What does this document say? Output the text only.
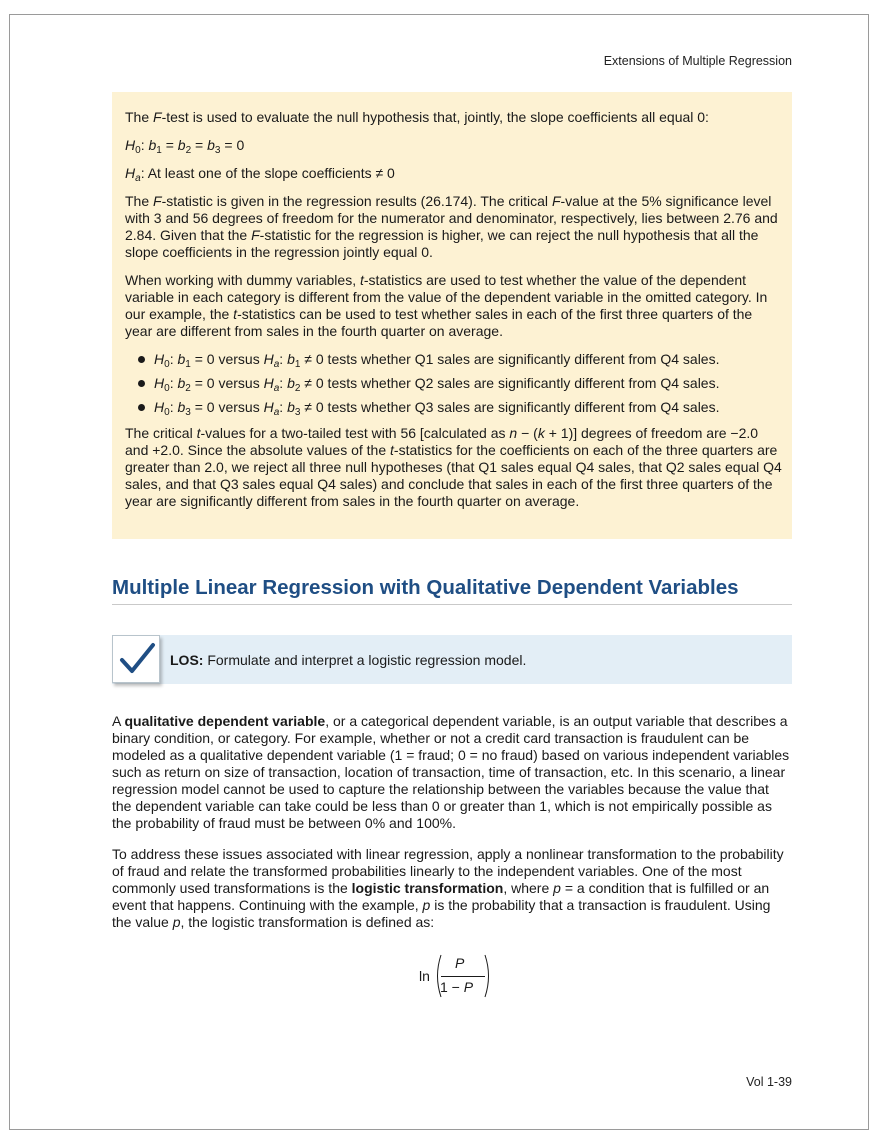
Extensions of Multiple Regression

The F-test is used to evaluate the null hypothesis that, jointly, the slope coefficients all equal 0:

$H_0$: $b_1 = b_2 = b_3 = 0$

$H_a$: At least one of the slope coefficients ≠ 0

The F-statistic is given in the regression results (26.174). The critical F-value at the 5% significance level with 3 and 56 degrees of freedom for the numerator and denominator, respectively, lies between 2.76 and 2.84. Given that the F-statistic for the regression is higher, we can reject the null hypothesis that all the slope coefficients in the regression jointly equal 0.

When working with dummy variables, t-statistics are used to test whether the value of the dependent variable in each category is different from the value of the dependent variable in the omitted category. In our example, the t-statistics can be used to test whether sales in each of the first three quarters of the year are different from sales in the fourth quarter on average.

$H_0$: $b_1 = 0$ versus $H_a$: $b_1 \ne 0$ tests whether Q1 sales are significantly different from Q4 sales.
$H_0$: $b_2 = 0$ versus $H_a$: $b_2 \ne 0$ tests whether Q2 sales are significantly different from Q4 sales.
$H_0$: $b_3 = 0$ versus $H_a$: $b_3 \ne 0$ tests whether Q3 sales are significantly different from Q4 sales.

The critical t-values for a two-tailed test with 56 [calculated as n − (k + 1)] degrees of freedom are −2.0 and +2.0. Since the absolute values of the t-statistics for the coefficients on each of the three quarters are greater than 2.0, we reject all three null hypotheses (that Q1 sales equal Q4 sales, that Q2 sales equal Q4 sales, and that Q3 sales equal Q4 sales) and conclude that sales in each of the first three quarters of the year are significantly different from sales in the fourth quarter on average.

Multiple Linear Regression with Qualitative Dependent Variables
LOS: Formulate and interpret a logistic regression model.

A qualitative dependent variable, or a categorical dependent variable, is an output variable that describes a binary condition, or category. For example, whether or not a credit card transaction is fraudulent can be modeled as a qualitative dependent variable (1 = fraud; 0 = no fraud) based on various independent variables such as return on size of transaction, location of transaction, time of transaction, etc. In this scenario, a linear regression model cannot be used to capture the relationship between the variables because the value that the dependent variable can take could be less than 0 or greater than 1, which is not empirically possible as the probability of fraud must be between 0% and 100%.

To address these issues associated with linear regression, apply a nonlinear transformation to the probability of fraud and relate the transformed probabilities linearly to the independent variables. One of the most commonly used transformations is the logistic transformation, where p = a condition that is fulfilled or an event that happens. Continuing with the example, p is the probability that a transaction is fraudulent. Using the value p, the logistic transformation is defined as:

ln
P
1 − P
Vol 1-39
